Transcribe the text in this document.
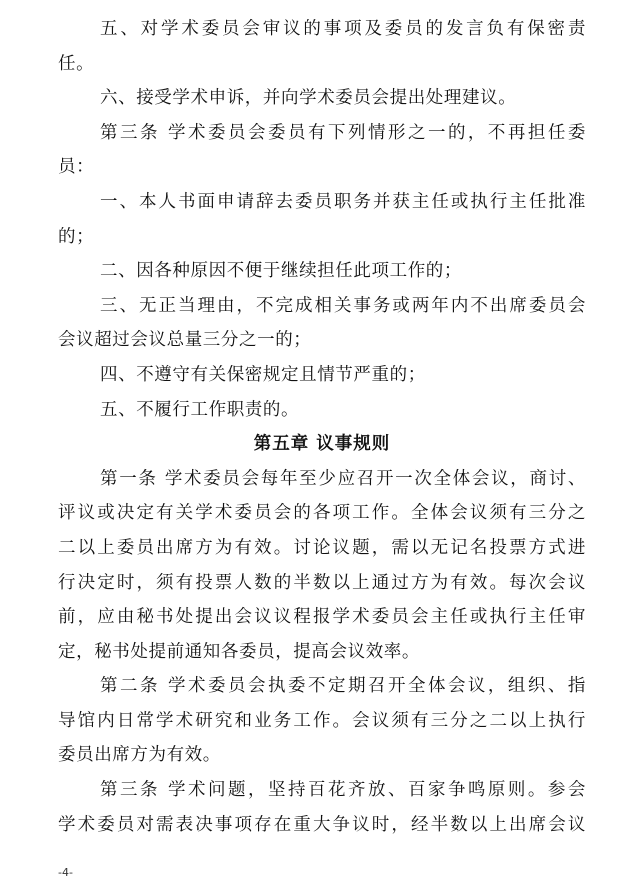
五、对学术委员会审议的事项及委员的发言负有保密责
任。
六、接受学术申诉，并向学术委员会提出处理建议。
第三条 学术委员会委员有下列情形之一的，不再担任委
员：
一、本人书面申请辞去委员职务并获主任或执行主任批准
的；
二、因各种原因不便于继续担任此项工作的；
三、无正当理由，不完成相关事务或两年内不出席委员会
会议超过会议总量三分之一的；
四、不遵守有关保密规定且情节严重的；
五、不履行工作职责的。
第五章 议事规则
第一条 学术委员会每年至少应召开一次全体会议，商讨、
评议或决定有关学术委员会的各项工作。全体会议须有三分之
二以上委员出席方为有效。讨论议题，需以无记名投票方式进
行决定时，须有投票人数的半数以上通过方为有效。每次会议
前，应由秘书处提出会议议程报学术委员会主任或执行主任审
定，秘书处提前通知各委员，提高会议效率。
第二条 学术委员会执委不定期召开全体会议，组织、指
导馆内日常学术研究和业务工作。会议须有三分之二以上执行
委员出席方为有效。
第三条 学术问题，坚持百花齐放、百家争鸣原则。参会
学术委员对需表决事项存在重大争议时，经半数以上出席会议
-4-
